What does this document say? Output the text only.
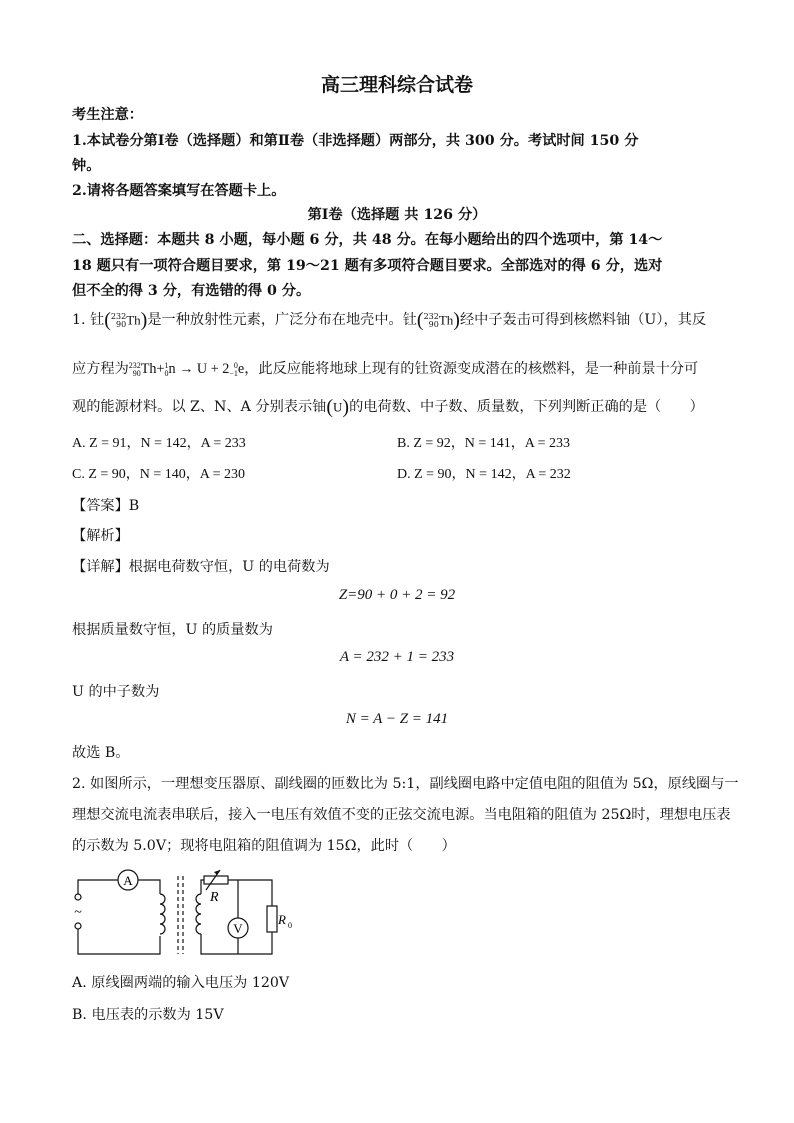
高三理科综合试卷
考生注意：
1.本试卷分第Ⅰ卷（选择题）和第Ⅱ卷（非选择题）两部分，共 300 分。考试时间 150 分
钟。
2.请将各题答案填写在答题卡上。
第Ⅰ卷（选择题 共 126 分）
二、选择题：本题共 8 小题，每小题 6 分，共 48 分。在每小题给出的四个选项中，第 14～
18 题只有一项符合题目要求，第 19～21 题有多项符合题目要求。全部选对的得 6 分，选对
但不全的得 3 分，有选错的得 0 分。
1. 钍(232
90Th)是一种放射性元素，广泛分布在地壳中。钍(232
90Th)经中子轰击可得到核燃料铀（U），其反
应方程为232
90Th+1
0n → U + 2 0
−1e，此反应能将地球上现有的钍资源变成潜在的核燃料，是一种前景十分可
观的能源材料。以 Z、N、A 分别表示铀(U)的电荷数、中子数、质量数，下列判断正确的是（　　）
A. Z = 91，N = 142，A = 233	B. Z = 92，N = 141，A = 233
C. Z = 90，N = 140，A = 230	D. Z = 90，N = 142，A = 232
【答案】B
【解析】
【详解】根据电荷数守恒，U 的电荷数为
Z=90 + 0 + 2 = 92
根据质量数守恒，U 的质量数为
A = 232 + 1 = 233
U 的中子数为
N = A − Z = 141
故选 B。
2. 如图所示，一理想变压器原、副线圈的匝数比为 5:1，副线圈电路中定值电阻的阻值为 5Ω，原线圈与一
理想交流电流表串联后，接入一电压有效值不变的正弦交流电源。当电阻箱的阻值为 25Ω时，理想电压表
的示数为 5.0V；现将电阻箱的阻值调为 15Ω，此时（　　）
A
V
R
R 0
~
A. 原线圈两端的输入电压为 120V
B. 电压表的示数为 15V
